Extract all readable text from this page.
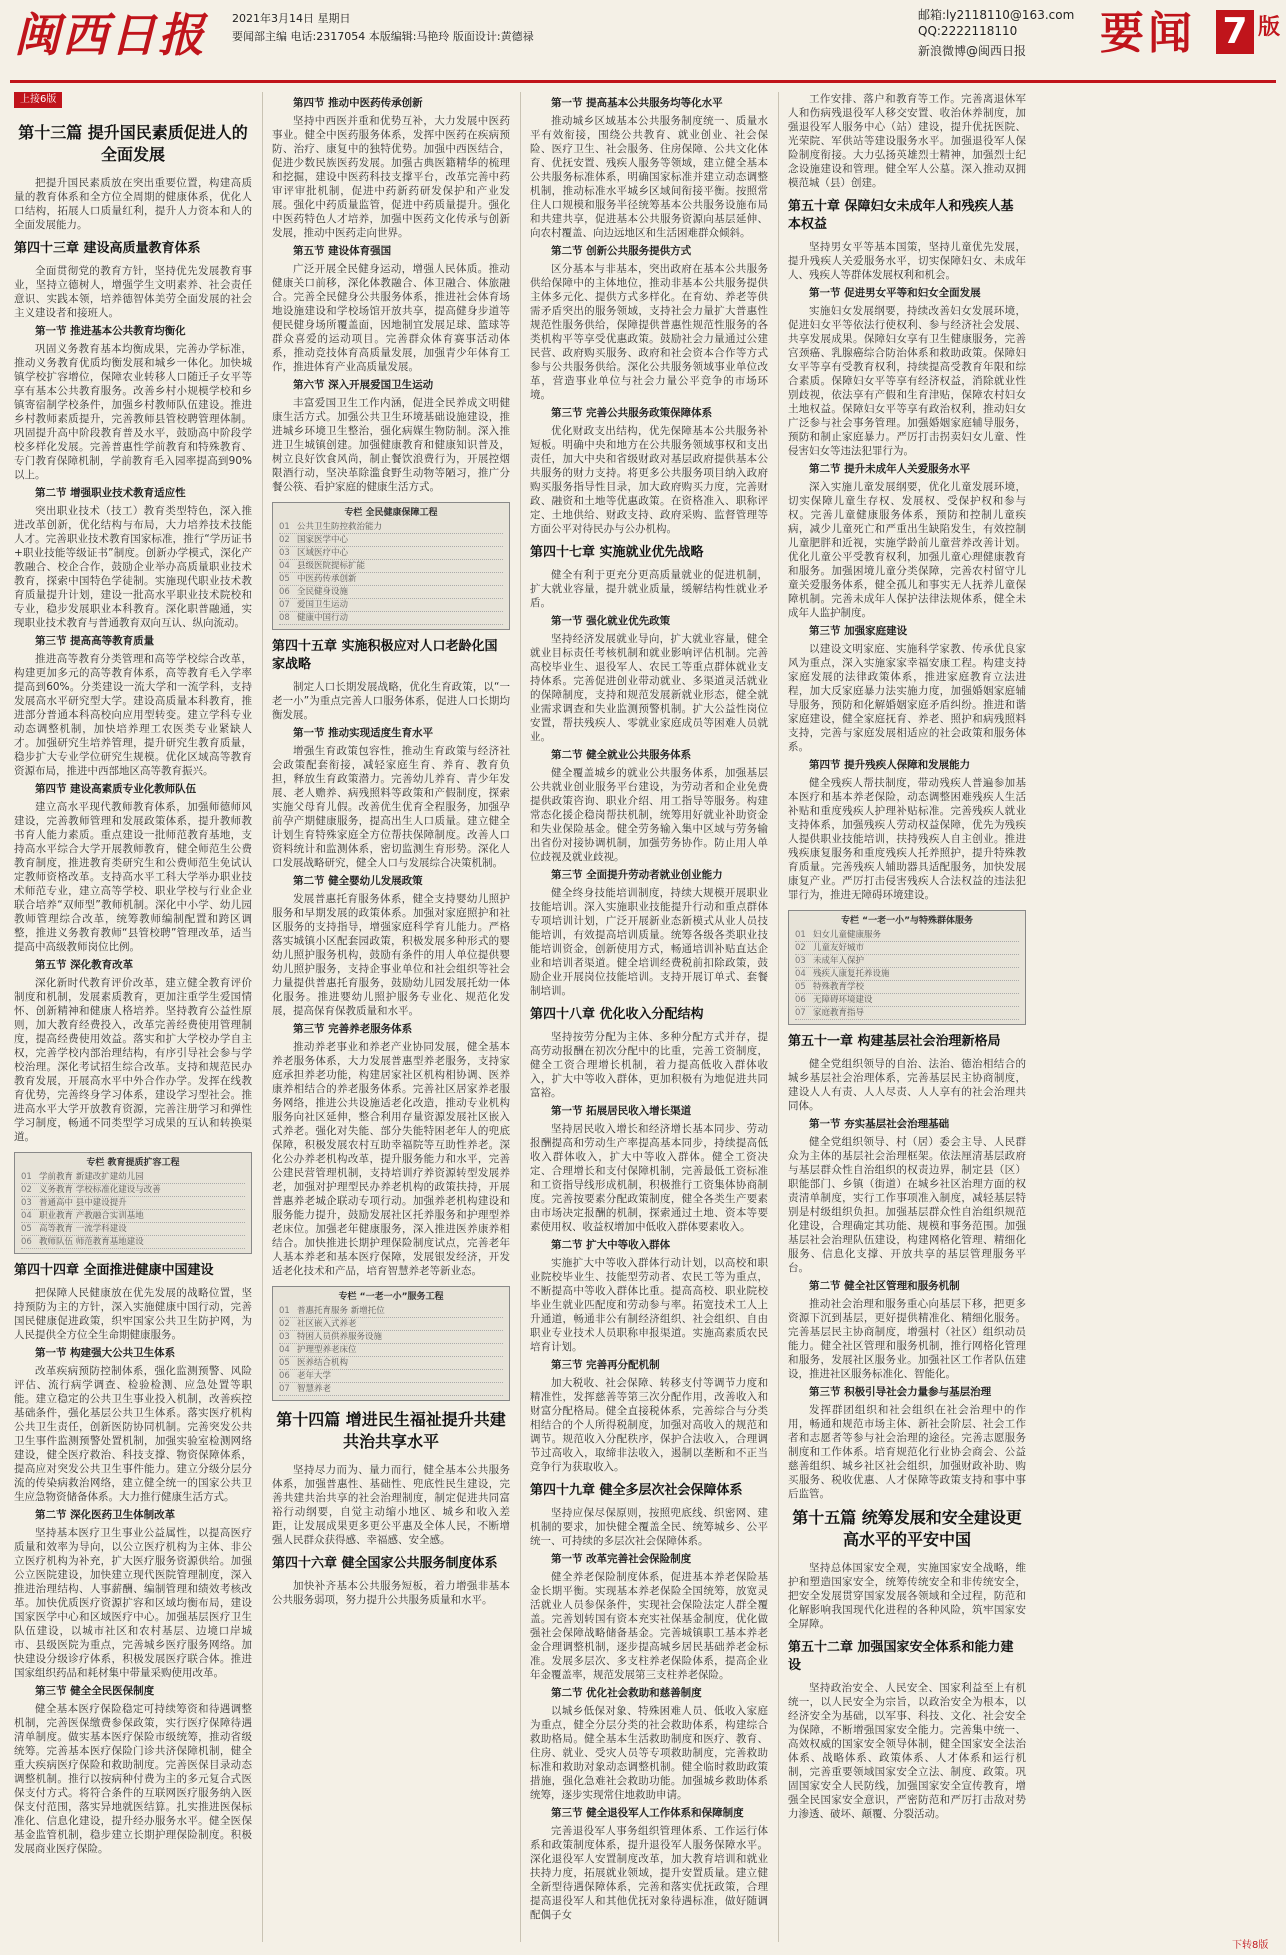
闽西日报	2021年3月14日 星期日
要闻部主编 电话:2317054 本版编辑:马艳玲 版面设计:黄德禄
邮箱:ly2118110@163.com
QQ:2222118110
新浪微博@闽西日报 要闻 7 版
上接6版
第十三篇 提升国民素质促进人的全面发展
把提升国民素质放在突出重要位置，构建高质量的教育体系和全方位全周期的健康体系，优化人口结构，拓展人口质量红利，提升人力资本和人的全面发展能力。
第四十三章 建设高质量教育体系
全面贯彻党的教育方针，坚持优先发展教育事业，坚持立德树人，增强学生文明素养、社会责任意识、实践本领，培养德智体美劳全面发展的社会主义建设者和接班人。
第一节 推进基本公共教育均衡化
巩固义务教育基本均衡成果，完善办学标准，推动义务教育优质均衡发展和城乡一体化。加快城镇学校扩容增位，保障农业转移人口随迁子女平等享有基本公共教育服务。改善乡村小规模学校和乡镇寄宿制学校条件，加强乡村教师队伍建设。推进乡村教师素质提升，完善教师县管校聘管理体制。巩固提升高中阶段教育普及水平，鼓励高中阶段学校多样化发展。完善普惠性学前教育和特殊教育、专门教育保障机制，学前教育毛入园率提高到90%以上。
第二节 增强职业技术教育适应性
突出职业技术（技工）教育类型特色，深入推进改革创新，优化结构与布局，大力培养技术技能人才。完善职业技术教育国家标准，推行“学历证书+职业技能等级证书”制度。创新办学模式，深化产教融合、校企合作，鼓励企业举办高质量职业技术教育，探索中国特色学徒制。实施现代职业技术教育质量提升计划，建设一批高水平职业技术院校和专业，稳步发展职业本科教育。深化职普融通，实现职业技术教育与普通教育双向互认、纵向流动。
第三节 提高高等教育质量
推进高等教育分类管理和高等学校综合改革，构建更加多元的高等教育体系，高等教育毛入学率提高到60%。分类建设一流大学和一流学科，支持发展高水平研究型大学。建设高质量本科教育，推进部分普通本科高校向应用型转变。建立学科专业动态调整机制，加快培养理工农医类专业紧缺人才。加强研究生培养管理，提升研究生教育质量，稳步扩大专业学位研究生规模。优化区域高等教育资源布局，推进中西部地区高等教育振兴。
第四节 建设高素质专业化教师队伍
建立高水平现代教师教育体系，加强师德师风建设，完善教师管理和发展政策体系，提升教师教书育人能力素质。重点建设一批师范教育基地，支持高水平综合大学开展教师教育，健全师范生公费教育制度，推进教育类研究生和公费师范生免试认定教师资格改革。支持高水平工科大学举办职业技术师范专业，建立高等学校、职业学校与行业企业联合培养“双师型”教师机制。深化中小学、幼儿园教师管理综合改革，统筹教师编制配置和跨区调整，推进义务教育教师“县管校聘”管理改革，适当提高中高级教师岗位比例。
第五节 深化教育改革
深化新时代教育评价改革，建立健全教育评价制度和机制，发展素质教育，更加注重学生爱国情怀、创新精神和健康人格培养。坚持教育公益性原则，加大教育经费投入，改革完善经费使用管理制度，提高经费使用效益。落实和扩大学校办学自主权，完善学校内部治理结构，有序引导社会参与学校治理。深化考试招生综合改革。支持和规范民办教育发展，开展高水平中外合作办学。发挥在线教育优势，完善终身学习体系，建设学习型社会。推进高水平大学开放教育资源，完善注册学习和弹性学习制度，畅通不同类型学习成果的互认和转换渠道。
专栏 教育提质扩容工程
01 学前教育 新建改扩建幼儿园
02 义务教育 学校标准化建设与改善
03 普通高中 县中建设提升
04 职业教育 产教融合实训基地
05 高等教育 一流学科建设
06 教师队伍 师范教育基地建设
第四十四章 全面推进健康中国建设
把保障人民健康放在优先发展的战略位置，坚持预防为主的方针，深入实施健康中国行动，完善国民健康促进政策，织牢国家公共卫生防护网，为人民提供全方位全生命期健康服务。
第一节 构建强大公共卫生体系
改革疾病预防控制体系，强化监测预警、风险评估、流行病学调查、检验检测、应急处置等职能。建立稳定的公共卫生事业投入机制，改善疾控基础条件，强化基层公共卫生体系。落实医疗机构公共卫生责任，创新医防协同机制。完善突发公共卫生事件监测预警处置机制，加强实验室检测网络建设，健全医疗救治、科技支撑、物资保障体系，提高应对突发公共卫生事件能力。建立分级分层分流的传染病救治网络，建立健全统一的国家公共卫生应急物资储备体系。大力推行健康生活方式。
第二节 深化医药卫生体制改革
坚持基本医疗卫生事业公益属性，以提高医疗质量和效率为导向，以公立医疗机构为主体、非公立医疗机构为补充，扩大医疗服务资源供给。加强公立医院建设，加快建立现代医院管理制度，深入推进治理结构、人事薪酬、编制管理和绩效考核改革。加快优质医疗资源扩容和区域均衡布局，建设国家医学中心和区域医疗中心。加强基层医疗卫生队伍建设，以城市社区和农村基层、边境口岸城市、县级医院为重点，完善城乡医疗服务网络。加快建设分级诊疗体系，积极发展医疗联合体。推进国家组织药品和耗材集中带量采购使用改革。
第三节 健全全民医保制度
健全基本医疗保险稳定可持续筹资和待遇调整机制，完善医保缴费参保政策，实行医疗保障待遇清单制度。做实基本医疗保险市级统筹，推动省级统筹。完善基本医疗保险门诊共济保障机制，健全重大疾病医疗保险和救助制度。完善医保目录动态调整机制。推行以按病种付费为主的多元复合式医保支付方式。将符合条件的互联网医疗服务纳入医保支付范围，落实异地就医结算。扎实推进医保标准化、信息化建设，提升经办服务水平。健全医保基金监管机制，稳步建立长期护理保险制度。积极发展商业医疗保险。
第四节 推动中医药传承创新
坚持中西医并重和优势互补，大力发展中医药事业。健全中医药服务体系，发挥中医药在疾病预防、治疗、康复中的独特优势。加强中西医结合，促进少数民族医药发展。加强古典医籍精华的梳理和挖掘，建设中医药科技支撑平台，改革完善中药审评审批机制，促进中药新药研发保护和产业发展。强化中药质量监管，促进中药质量提升。强化中医药特色人才培养，加强中医药文化传承与创新发展，推动中医药走向世界。
第五节 建设体育强国
广泛开展全民健身运动，增强人民体质。推动健康关口前移，深化体教融合、体卫融合、体旅融合。完善全民健身公共服务体系，推进社会体育场地设施建设和学校场馆开放共享，提高健身步道等便民健身场所覆盖面，因地制宜发展足球、篮球等群众喜爱的运动项目。完善群众体育赛事活动体系，推动竞技体育高质量发展，加强青少年体育工作，推进体育产业高质量发展。
第六节 深入开展爱国卫生运动
丰富爱国卫生工作内涵，促进全民养成文明健康生活方式。加强公共卫生环境基础设施建设，推进城乡环境卫生整治，强化病媒生物防制。深入推进卫生城镇创建。加强健康教育和健康知识普及，树立良好饮食风尚，制止餐饮浪费行为，开展控烟限酒行动，坚决革除滥食野生动物等陋习，推广分餐公筷、看护家庭的健康生活方式。
专栏 全民健康保障工程
01 公共卫生防控救治能力
02 国家医学中心
03 区域医疗中心
04 县级医院提标扩能
05 中医药传承创新
06 全民健身设施
07 爱国卫生运动
08 健康中国行动
第四十五章 实施积极应对人口老龄化国家战略
制定人口长期发展战略，优化生育政策，以“一老一小”为重点完善人口服务体系，促进人口长期均衡发展。
第一节 推动实现适度生育水平
增强生育政策包容性，推动生育政策与经济社会政策配套衔接，减轻家庭生育、养育、教育负担，释放生育政策潜力。完善幼儿养育、青少年发展、老人赡养、病残照料等政策和产假制度，探索实施父母育儿假。改善优生优育全程服务，加强孕前孕产期健康服务，提高出生人口质量。建立健全计划生育特殊家庭全方位帮扶保障制度。改善人口资料统计和监测体系，密切监测生育形势。深化人口发展战略研究，健全人口与发展综合决策机制。
第二节 健全婴幼儿发展政策
发展普惠托育服务体系，健全支持婴幼儿照护服务和早期发展的政策体系。加强对家庭照护和社区服务的支持指导，增强家庭科学育儿能力。严格落实城镇小区配套园政策，积极发展多种形式的婴幼儿照护服务机构，鼓励有条件的用人单位提供婴幼儿照护服务，支持企事业单位和社会组织等社会力量提供普惠托育服务，鼓励幼儿园发展托幼一体化服务。推进婴幼儿照护服务专业化、规范化发展，提高保育保教质量和水平。
第三节 完善养老服务体系
推动养老事业和养老产业协同发展，健全基本养老服务体系，大力发展普惠型养老服务，支持家庭承担养老功能，构建居家社区机构相协调、医养康养相结合的养老服务体系。完善社区居家养老服务网络，推进公共设施适老化改造，推动专业机构服务向社区延伸，整合利用存量资源发展社区嵌入式养老。强化对失能、部分失能特困老年人的兜底保障，积极发展农村互助幸福院等互助性养老。深化公办养老机构改革，提升服务能力和水平，完善公建民营管理机制，支持培训疗养资源转型发展养老，加强对护理型民办养老机构的政策扶持，开展普惠养老城企联动专项行动。加强养老机构建设和服务能力提升，鼓励发展社区托养服务和护理型养老床位。加强老年健康服务，深入推进医养康养相结合。加快推进长期护理保险制度试点，完善老年人基本养老和基本医疗保障，发展银发经济，开发适老化技术和产品，培育智慧养老等新业态。
专栏 “一老一小”服务工程
01 普惠托育服务 新增托位
02 社区嵌入式养老
03 特困人员供养服务设施
04 护理型养老床位
05 医养结合机构
06 老年大学
07 智慧养老
第十四篇 增进民生福祉提升共建共治共享水平
坚持尽力而为、量力而行，健全基本公共服务体系，加强普惠性、基础性、兜底性民生建设，完善共建共治共享的社会治理制度，制定促进共同富裕行动纲要，自觉主动缩小地区、城乡和收入差距，让发展成果更多更公平惠及全体人民，不断增强人民群众获得感、幸福感、安全感。
第四十六章 健全国家公共服务制度体系
加快补齐基本公共服务短板，着力增强非基本公共服务弱项，努力提升公共服务质量和水平。
第一节 提高基本公共服务均等化水平
推动城乡区域基本公共服务制度统一、质量水平有效衔接，围绕公共教育、就业创业、社会保险、医疗卫生、社会服务、住房保障、公共文化体育、优抚安置、残疾人服务等领域，建立健全基本公共服务标准体系，明确国家标准并建立动态调整机制，推动标准水平城乡区域间衔接平衡。按照常住人口规模和服务半径统筹基本公共服务设施布局和共建共享，促进基本公共服务资源向基层延伸、向农村覆盖、向边远地区和生活困难群众倾斜。
第二节 创新公共服务提供方式
区分基本与非基本，突出政府在基本公共服务供给保障中的主体地位，推动非基本公共服务提供主体多元化、提供方式多样化。在育幼、养老等供需矛盾突出的服务领域，支持社会力量扩大普惠性规范性服务供给，保障提供普惠性规范性服务的各类机构平等享受优惠政策。鼓励社会力量通过公建民营、政府购买服务、政府和社会资本合作等方式参与公共服务供给。深化公共服务领域事业单位改革，营造事业单位与社会力量公平竞争的市场环境。
第三节 完善公共服务政策保障体系
优化财政支出结构，优先保障基本公共服务补短板。明确中央和地方在公共服务领域事权和支出责任，加大中央和省级财政对基层政府提供基本公共服务的财力支持。将更多公共服务项目纳入政府购买服务指导性目录，加大政府购买力度，完善财政、融资和土地等优惠政策。在资格准入、职称评定、土地供给、财政支持、政府采购、监督管理等方面公平对待民办与公办机构。
第四十七章 实施就业优先战略
健全有利于更充分更高质量就业的促进机制，扩大就业容量，提升就业质量，缓解结构性就业矛盾。
第一节 强化就业优先政策
坚持经济发展就业导向，扩大就业容量，健全就业目标责任考核机制和就业影响评估机制。完善高校毕业生、退役军人、农民工等重点群体就业支持体系。完善促进创业带动就业、多渠道灵活就业的保障制度，支持和规范发展新就业形态，健全就业需求调查和失业监测预警机制。扩大公益性岗位安置，帮扶残疾人、零就业家庭成员等困难人员就业。
第二节 健全就业公共服务体系
健全覆盖城乡的就业公共服务体系，加强基层公共就业创业服务平台建设，为劳动者和企业免费提供政策咨询、职业介绍、用工指导等服务。构建常态化援企稳岗帮扶机制，统筹用好就业补助资金和失业保险基金。健全劳务输入集中区域与劳务输出省份对接协调机制，加强劳务协作。防止用人单位歧视及就业歧视。
第三节 全面提升劳动者就业创业能力
健全终身技能培训制度，持续大规模开展职业技能培训。深入实施职业技能提升行动和重点群体专项培训计划，广泛开展新业态新模式从业人员技能培训，有效提高培训质量。统筹各级各类职业技能培训资金，创新使用方式，畅通培训补贴直达企业和培训者渠道。健全培训经费税前扣除政策，鼓励企业开展岗位技能培训。支持开展订单式、套餐制培训。
第四十八章 优化收入分配结构
坚持按劳分配为主体、多种分配方式并存，提高劳动报酬在初次分配中的比重，完善工资制度，健全工资合理增长机制，着力提高低收入群体收入，扩大中等收入群体，更加积极有为地促进共同富裕。
第一节 拓展居民收入增长渠道
坚持居民收入增长和经济增长基本同步、劳动报酬提高和劳动生产率提高基本同步，持续提高低收入群体收入，扩大中等收入群体。健全工资决定、合理增长和支付保障机制，完善最低工资标准和工资指导线形成机制，积极推行工资集体协商制度。完善按要素分配政策制度，健全各类生产要素由市场决定报酬的机制，探索通过土地、资本等要素使用权、收益权增加中低收入群体要素收入。
第二节 扩大中等收入群体
实施扩大中等收入群体行动计划，以高校和职业院校毕业生、技能型劳动者、农民工等为重点，不断提高中等收入群体比重。提高高校、职业院校毕业生就业匹配度和劳动参与率。拓宽技术工人上升通道，畅通非公有制经济组织、社会组织、自由职业专业技术人员职称申报渠道。实施高素质农民培育计划。
第三节 完善再分配机制
加大税收、社会保障、转移支付等调节力度和精准性，发挥慈善等第三次分配作用，改善收入和财富分配格局。健全直接税体系，完善综合与分类相结合的个人所得税制度，加强对高收入的规范和调节。规范收入分配秩序，保护合法收入，合理调节过高收入，取缔非法收入，遏制以垄断和不正当竞争行为获取收入。
第四十九章 健全多层次社会保障体系
坚持应保尽保原则，按照兜底线、织密网、建机制的要求，加快健全覆盖全民、统筹城乡、公平统一、可持续的多层次社会保障体系。
第一节 改革完善社会保险制度
健全养老保险制度体系，促进基本养老保险基金长期平衡。实现基本养老保险全国统筹，放宽灵活就业人员参保条件，实现社会保险法定人群全覆盖。完善划转国有资本充实社保基金制度，优化做强社会保障战略储备基金。完善城镇职工基本养老金合理调整机制，逐步提高城乡居民基础养老金标准。发展多层次、多支柱养老保险体系，提高企业年金覆盖率，规范发展第三支柱养老保险。
第二节 优化社会救助和慈善制度
以城乡低保对象、特殊困难人员、低收入家庭为重点，健全分层分类的社会救助体系，构建综合救助格局。健全基本生活救助制度和医疗、教育、住房、就业、受灾人员等专项救助制度，完善救助标准和救助对象动态调整机制。健全临时救助政策措施，强化急难社会救助功能。加强城乡救助体系统筹，逐步实现常住地救助申请。
第三节 健全退役军人工作体系和保障制度
完善退役军人事务组织管理体系、工作运行体系和政策制度体系，提升退役军人服务保障水平。深化退役军人安置制度改革，加大教育培训和就业扶持力度，拓展就业领域，提升安置质量。建立健全新型待遇保障体系，完善和落实优抚政策，合理提高退役军人和其他优抚对象待遇标准，做好随调配偶子女
工作安排、落户和教育等工作。完善离退休军人和伤病残退役军人移交安置、收治休养制度，加强退役军人服务中心（站）建设，提升优抚医院、光荣院、军供站等建设服务水平。加强退役军人保险制度衔接。大力弘扬英雄烈士精神，加强烈士纪念设施建设和管理。健全军人公墓。深入推动双拥模范城（县）创建。
第五十章 保障妇女未成年人和残疾人基本权益
坚持男女平等基本国策，坚持儿童优先发展，提升残疾人关爱服务水平，切实保障妇女、未成年人、残疾人等群体发展权利和机会。
第一节 促进男女平等和妇女全面发展
实施妇女发展纲要，持续改善妇女发展环境，促进妇女平等依法行使权利、参与经济社会发展、共享发展成果。保障妇女享有卫生健康服务，完善宫颈癌、乳腺癌综合防治体系和救助政策。保障妇女平等享有受教育权利，持续提高受教育年限和综合素质。保障妇女平等享有经济权益，消除就业性别歧视，依法享有产假和生育津贴，保障农村妇女土地权益。保障妇女平等享有政治权利，推动妇女广泛参与社会事务管理。加强婚姻家庭辅导服务，预防和制止家庭暴力。严厉打击拐卖妇女儿童、性侵害妇女等违法犯罪行为。
第二节 提升未成年人关爱服务水平
深入实施儿童发展纲要，优化儿童发展环境，切实保障儿童生存权、发展权、受保护权和参与权。完善儿童健康服务体系，预防和控制儿童疾病，减少儿童死亡和严重出生缺陷发生，有效控制儿童肥胖和近视，实施学龄前儿童营养改善计划。优化儿童公平受教育权利，加强儿童心理健康教育和服务。加强困境儿童分类保障，完善农村留守儿童关爱服务体系，健全孤儿和事实无人抚养儿童保障机制。完善未成年人保护法律法规体系，健全未成年人监护制度。
第三节 加强家庭建设
以建设文明家庭、实施科学家教、传承优良家风为重点，深入实施家家幸福安康工程。构建支持家庭发展的法律政策体系，推进家庭教育立法进程，加大反家庭暴力法实施力度，加强婚姻家庭辅导服务，预防和化解婚姻家庭矛盾纠纷。推进和谐家庭建设，健全家庭抚育、养老、照护和病残照料支持，完善与家庭发展相适应的社会政策和服务体系。
第四节 提升残疾人保障和发展能力
健全残疾人帮扶制度，带动残疾人普遍参加基本医疗和基本养老保险，动态调整困难残疾人生活补贴和重度残疾人护理补贴标准。完善残疾人就业支持体系，加强残疾人劳动权益保障，优先为残疾人提供职业技能培训，扶持残疾人自主创业。推进残疾康复服务和重度残疾人托养照护，提升特殊教育质量。完善残疾人辅助器具适配服务，加快发展康复产业。严厉打击侵害残疾人合法权益的违法犯罪行为，推进无障碍环境建设。
专栏 “一老一小”与特殊群体服务
01 妇女儿童健康服务
02 儿童友好城市
03 未成年人保护
04 残疾人康复托养设施
05 特殊教育学校
06 无障碍环境建设
07 家庭教育指导
第五十一章 构建基层社会治理新格局
健全党组织领导的自治、法治、德治相结合的城乡基层社会治理体系，完善基层民主协商制度，建设人人有责、人人尽责、人人享有的社会治理共同体。
第一节 夯实基层社会治理基础
健全党组织领导、村（居）委会主导、人民群众为主体的基层社会治理框架。依法厘清基层政府与基层群众性自治组织的权责边界，制定县（区）职能部门、乡镇（街道）在城乡社区治理方面的权责清单制度，实行工作事项准入制度，减轻基层特别是村级组织负担。加强基层群众性自治组织规范化建设，合理确定其功能、规模和事务范围。加强基层社会治理队伍建设，构建网格化管理、精细化服务、信息化支撑、开放共享的基层管理服务平台。
第二节 健全社区管理和服务机制
推动社会治理和服务重心向基层下移，把更多资源下沉到基层，更好提供精准化、精细化服务。完善基层民主协商制度，增强村（社区）组织动员能力。健全社区管理和服务机制，推行网格化管理和服务，发展社区服务业。加强社区工作者队伍建设，推进社区服务标准化、智能化。
第三节 积极引导社会力量参与基层治理
发挥群团组织和社会组织在社会治理中的作用，畅通和规范市场主体、新社会阶层、社会工作者和志愿者等参与社会治理的途径。完善志愿服务制度和工作体系。培育规范化行业协会商会、公益慈善组织、城乡社区社会组织，加强财政补助、购买服务、税收优惠、人才保障等政策支持和事中事后监管。
第十五篇 统筹发展和安全建设更高水平的平安中国
坚持总体国家安全观，实施国家安全战略，维护和塑造国家安全，统筹传统安全和非传统安全，把安全发展贯穿国家发展各领域和全过程，防范和化解影响我国现代化进程的各种风险，筑牢国家安全屏障。
第五十二章 加强国家安全体系和能力建设
坚持政治安全、人民安全、国家利益至上有机统一，以人民安全为宗旨，以政治安全为根本，以经济安全为基础，以军事、科技、文化、社会安全为保障，不断增强国家安全能力。完善集中统一、高效权威的国家安全领导体制，健全国家安全法治体系、战略体系、政策体系、人才体系和运行机制，完善重要领域国家安全立法、制度、政策。巩固国家安全人民防线，加强国家安全宣传教育，增强全民国家安全意识，严密防范和严厉打击敌对势力渗透、破坏、颠覆、分裂活动。
下转8版
